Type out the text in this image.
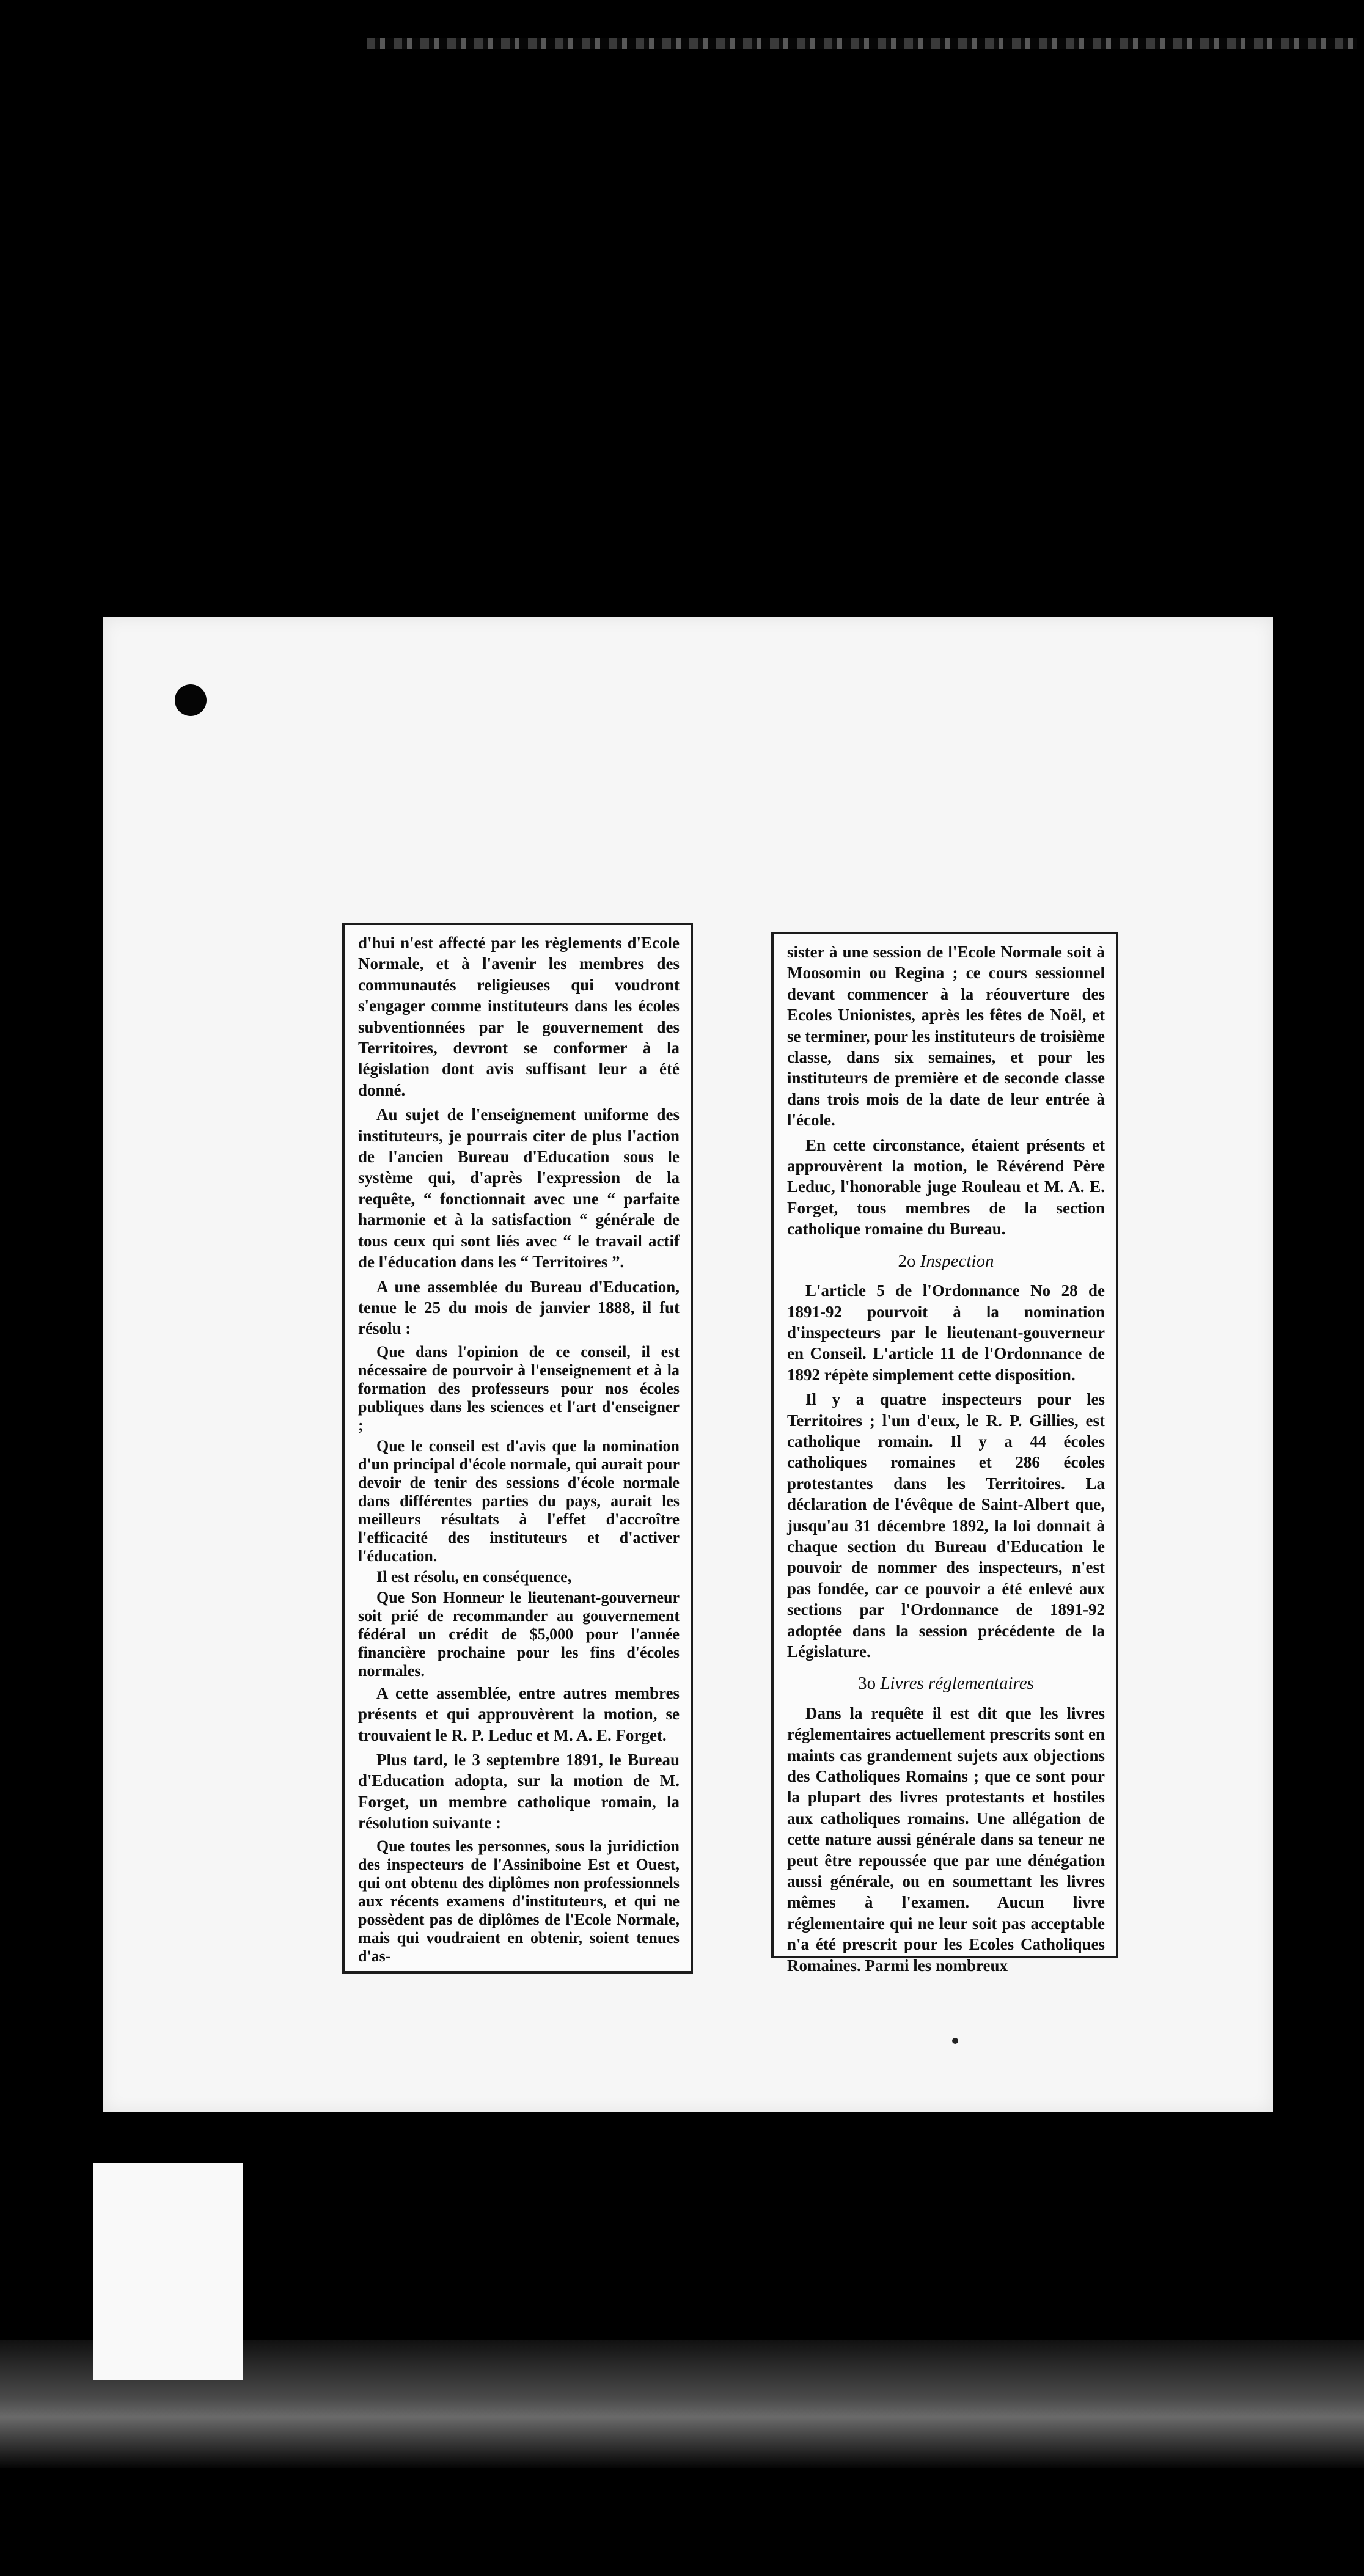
d'hui n'est affecté par les règlements d'Ecole Normale, et à l'avenir les membres des communautés religieuses qui voudront s'engager comme instituteurs dans les écoles subventionnées par le gouvernement des Territoires, devront se conformer à la législation dont avis suffisant leur a été donné.

Au sujet de l'enseignement uniforme des instituteurs, je pourrais citer de plus l'action de l'ancien Bureau d'Education sous le système qui, d'après l'expression de la requête, “ fonctionnait avec une “ parfaite harmonie et à la satisfaction “ générale de tous ceux qui sont liés avec “ le travail actif de l'éducation dans les “ Territoires ”.

A une assemblée du Bureau d'Education, tenue le 25 du mois de janvier 1888, il fut résolu :

Que dans l'opinion de ce conseil, il est nécessaire de pourvoir à l'enseignement et à la formation des professeurs pour nos écoles publiques dans les sciences et l'art d'enseigner ;

Que le conseil est d'avis que la nomination d'un principal d'école normale, qui aurait pour devoir de tenir des sessions d'école normale dans différentes parties du pays, aurait les meilleurs résultats à l'effet d'accroître l'efficacité des instituteurs et d'activer l'éducation.

Il est résolu, en conséquence,

Que Son Honneur le lieutenant-gouverneur soit prié de recommander au gouvernement fédéral un crédit de $5,000 pour l'année financière prochaine pour les fins d'écoles normales.

A cette assemblée, entre autres membres présents et qui approuvèrent la motion, se trouvaient le R. P. Leduc et M. A. E. Forget.

Plus tard, le 3 septembre 1891, le Bureau d'Education adopta, sur la motion de M. Forget, un membre catholique romain, la résolution suivante :

Que toutes les personnes, sous la juridiction des inspecteurs de l'Assiniboine Est et Ouest, qui ont obtenu des diplômes non professionnels aux récents examens d'instituteurs, et qui ne possèdent pas de diplômes de l'Ecole Normale, mais qui voudraient en obtenir, soient tenues d'as-

sister à une session de l'Ecole Normale soit à Moosomin ou Regina ; ce cours sessionnel devant commencer à la réouverture des Ecoles Unionistes, après les fêtes de Noël, et se terminer, pour les instituteurs de troisième classe, dans six semaines, et pour les instituteurs de première et de seconde classe dans trois mois de la date de leur entrée à l'école.

En cette circonstance, étaient présents et approuvèrent la motion, le Révérend Père Leduc, l'honorable juge Rouleau et M. A. E. Forget, tous membres de la section catholique romaine du Bureau.

2o Inspection

L'article 5 de l'Ordonnance No 28 de 1891-92 pourvoit à la nomination d'inspecteurs par le lieutenant-gouverneur en Conseil. L'article 11 de l'Ordonnance de 1892 répète simplement cette disposition.

Il y a quatre inspecteurs pour les Territoires ; l'un d'eux, le R. P. Gillies, est catholique romain. Il y a 44 écoles catholiques romaines et 286 écoles protestantes dans les Territoires. La déclaration de l'évêque de Saint-Albert que, jusqu'au 31 décembre 1892, la loi donnait à chaque section du Bureau d'Education le pouvoir de nommer des inspecteurs, n'est pas fondée, car ce pouvoir a été enlevé aux sections par l'Ordonnance de 1891-92 adoptée dans la session précédente de la Législature.

3o Livres réglementaires

Dans la requête il est dit que les livres réglementaires actuellement prescrits sont en maints cas grandement sujets aux objections des Catholiques Romains ; que ce sont pour la plupart des livres protestants et hostiles aux catholiques romains. Une allégation de cette nature aussi générale dans sa teneur ne peut être repoussée que par une dénégation aussi générale, ou en soumettant les livres mêmes à l'examen. Aucun livre réglementaire qui ne leur soit pas acceptable n'a été prescrit pour les Ecoles Catholiques Romaines. Parmi les nombreux
